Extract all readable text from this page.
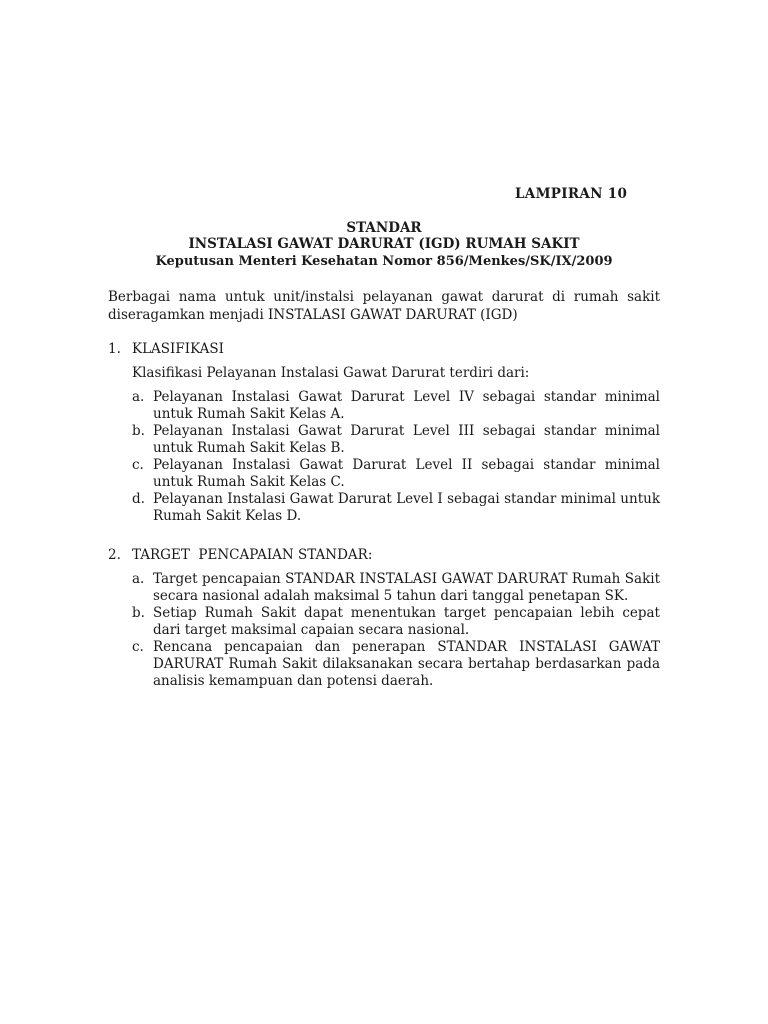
LAMPIRAN 10
STANDAR
INSTALASI GAWAT DARURAT (IGD) RUMAH SAKIT
Keputusan Menteri Kesehatan Nomor 856/Menkes/SK/IX/2009
Berbagai nama untuk unit/instalsi pelayanan gawat darurat di rumah sakit diseragamkan menjadi INSTALASI GAWAT DARURAT (IGD)
1. KLASIFIKASI
Klasifikasi Pelayanan Instalasi Gawat Darurat terdiri dari:
a. Pelayanan Instalasi Gawat Darurat Level IV sebagai standar minimal untuk Rumah Sakit Kelas A.
b. Pelayanan Instalasi Gawat Darurat Level III sebagai standar minimal untuk Rumah Sakit Kelas B.
c. Pelayanan Instalasi Gawat Darurat Level II sebagai standar minimal untuk Rumah Sakit Kelas C.
d. Pelayanan Instalasi Gawat Darurat Level I sebagai standar minimal untuk Rumah Sakit Kelas D.
2. TARGET  PENCAPAIAN STANDAR:
a. Target pencapaian STANDAR INSTALASI GAWAT DARURAT Rumah Sakit secara nasional adalah maksimal 5 tahun dari tanggal penetapan SK.
b. Setiap Rumah Sakit dapat menentukan target pencapaian lebih cepat dari target maksimal capaian secara nasional.
c. Rencana pencapaian dan penerapan STANDAR INSTALASI GAWAT DARURAT Rumah Sakit dilaksanakan secara bertahap berdasarkan pada analisis kemampuan dan potensi daerah.
